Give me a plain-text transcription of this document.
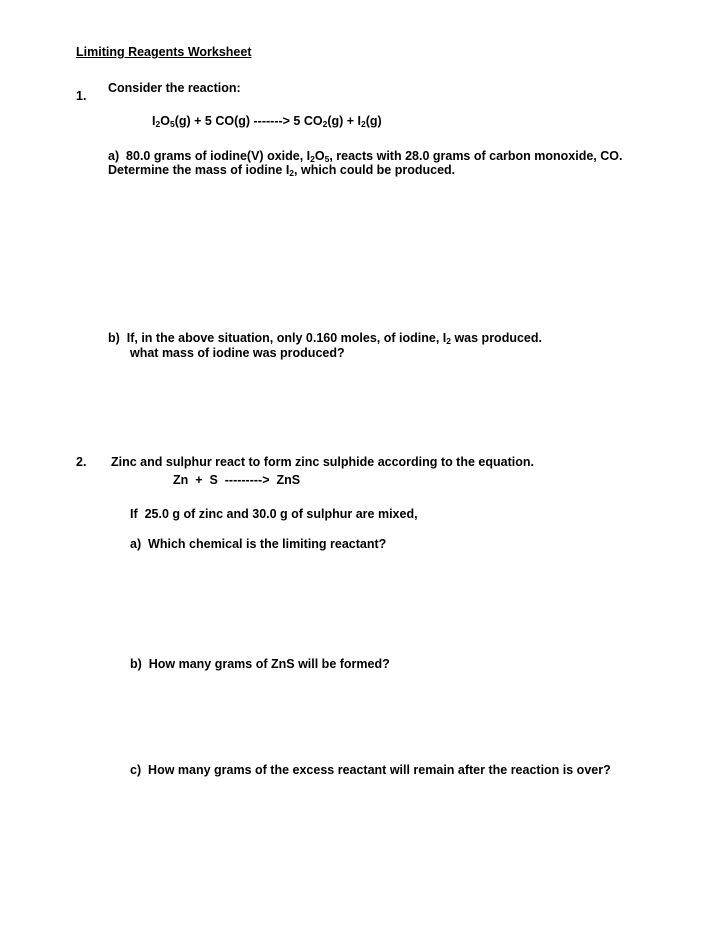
Limiting Reagents Worksheet
1.
Consider the reaction:
$I_2O_5(g) + 5$ CO(g) -------> 5 $CO_2(g) + I_2(g)$
a)  80.0 grams of iodine(V) oxide, $I_2O_5$, reacts with 28.0 grams of carbon monoxide, CO.
Determine the mass of iodine $I_2$, which could be produced.
b)  If, in the above situation, only 0.160 moles, of iodine, $I_2$ was produced.
what mass of iodine was produced?
2. Zinc and sulphur react to form zinc sulphide according to the equation.
Zn  +  S  --------->  ZnS
If  25.0 g of zinc and 30.0 g of sulphur are mixed,
a)  Which chemical is the limiting reactant?
b)  How many grams of ZnS will be formed?
c)  How many grams of the excess reactant will remain after the reaction is over?
